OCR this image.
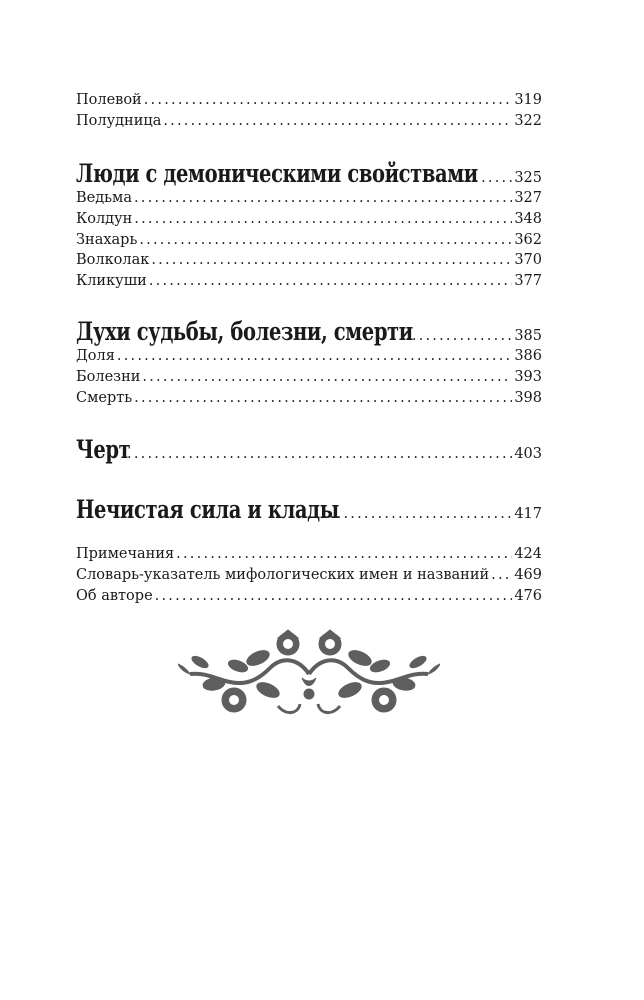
Полевой . . .	319
Полудница . . .	322
Люди с демоническими свойствами . . .	325
Ведьма . . .	327
Колдун . . .	348
Знахарь . . .	362
Волколак . . .	370
Кликуши . . .	377
Духи судьбы, болезни, смерти . . .	385
Доля . . .	386
Болезни . . .	393
Смерть . . .	398
Черт . . .	403
Нечистая сила и клады . . .	417
Примечания . . .	424
Словарь-указатель мифологических имен и названий . . . 469
Об авторе . . .	476
